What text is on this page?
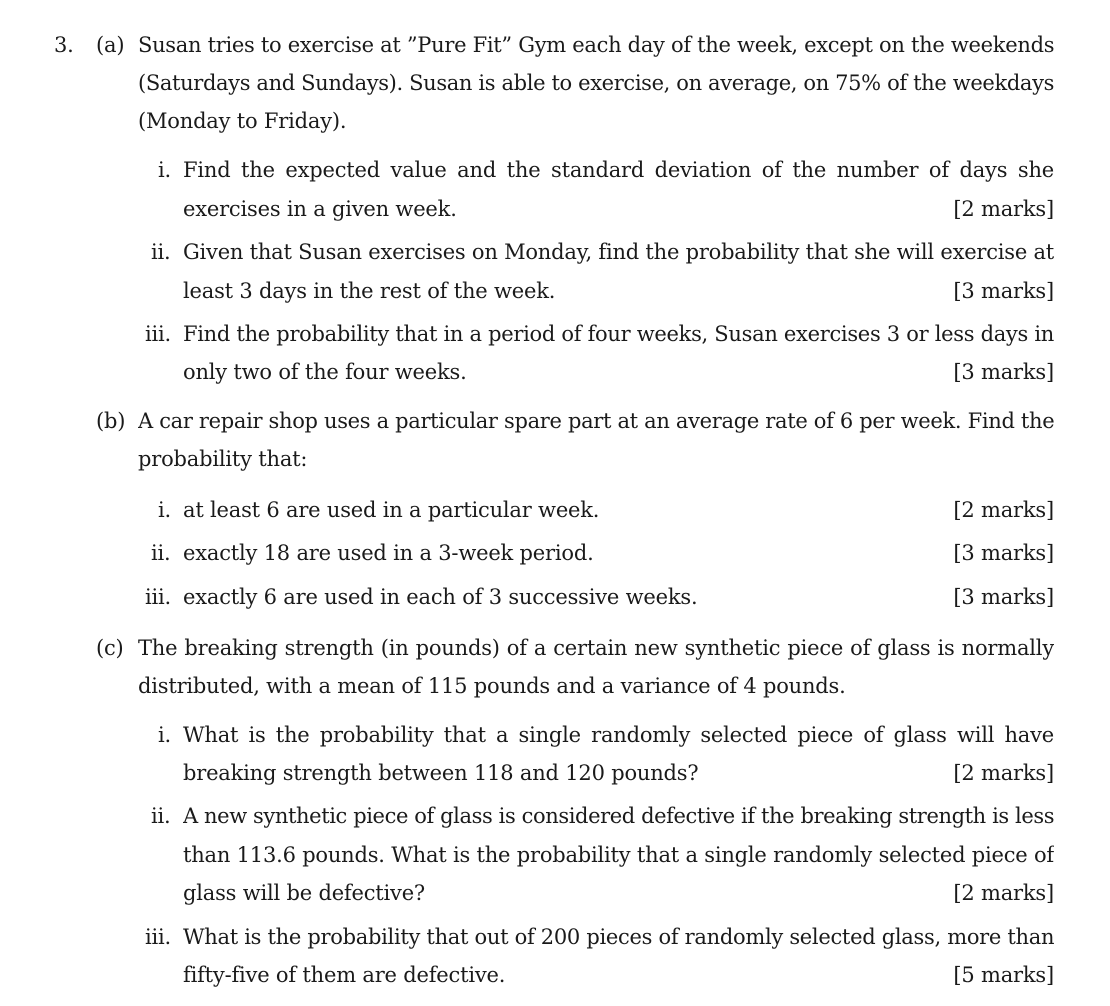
3. (a) Susan tries to exercise at ”Pure Fit” Gym each day of the week, except on the weekends
(Saturdays and Sundays). Susan is able to exercise, on average, on 75% of the weekdays
(Monday to Friday).
i. Find the expected value and the standard deviation of the number of days she
exercises in a given week.	[2 marks]
ii. Given that Susan exercises on Monday, find the probability that she will exercise at
least 3 days in the rest of the week.	[3 marks]
iii. Find the probability that in a period of four weeks, Susan exercises 3 or less days in
only two of the four weeks.	[3 marks]
(b) A car repair shop uses a particular spare part at an average rate of 6 per week. Find the
probability that:
i. at least 6 are used in a particular week.	[2 marks]
ii. exactly 18 are used in a 3-week period.	[3 marks]
iii. exactly 6 are used in each of 3 successive weeks.	[3 marks]
(c) The breaking strength (in pounds) of a certain new synthetic piece of glass is normally
distributed, with a mean of 115 pounds and a variance of 4 pounds.
i. What is the probability that a single randomly selected piece of glass will have
breaking strength between 118 and 120 pounds?	[2 marks]
ii. A new synthetic piece of glass is considered defective if the breaking strength is less
than 113.6 pounds. What is the probability that a single randomly selected piece of
glass will be defective?	[2 marks]
iii. What is the probability that out of 200 pieces of randomly selected glass, more than
fifty-five of them are defective.	[5 marks]
